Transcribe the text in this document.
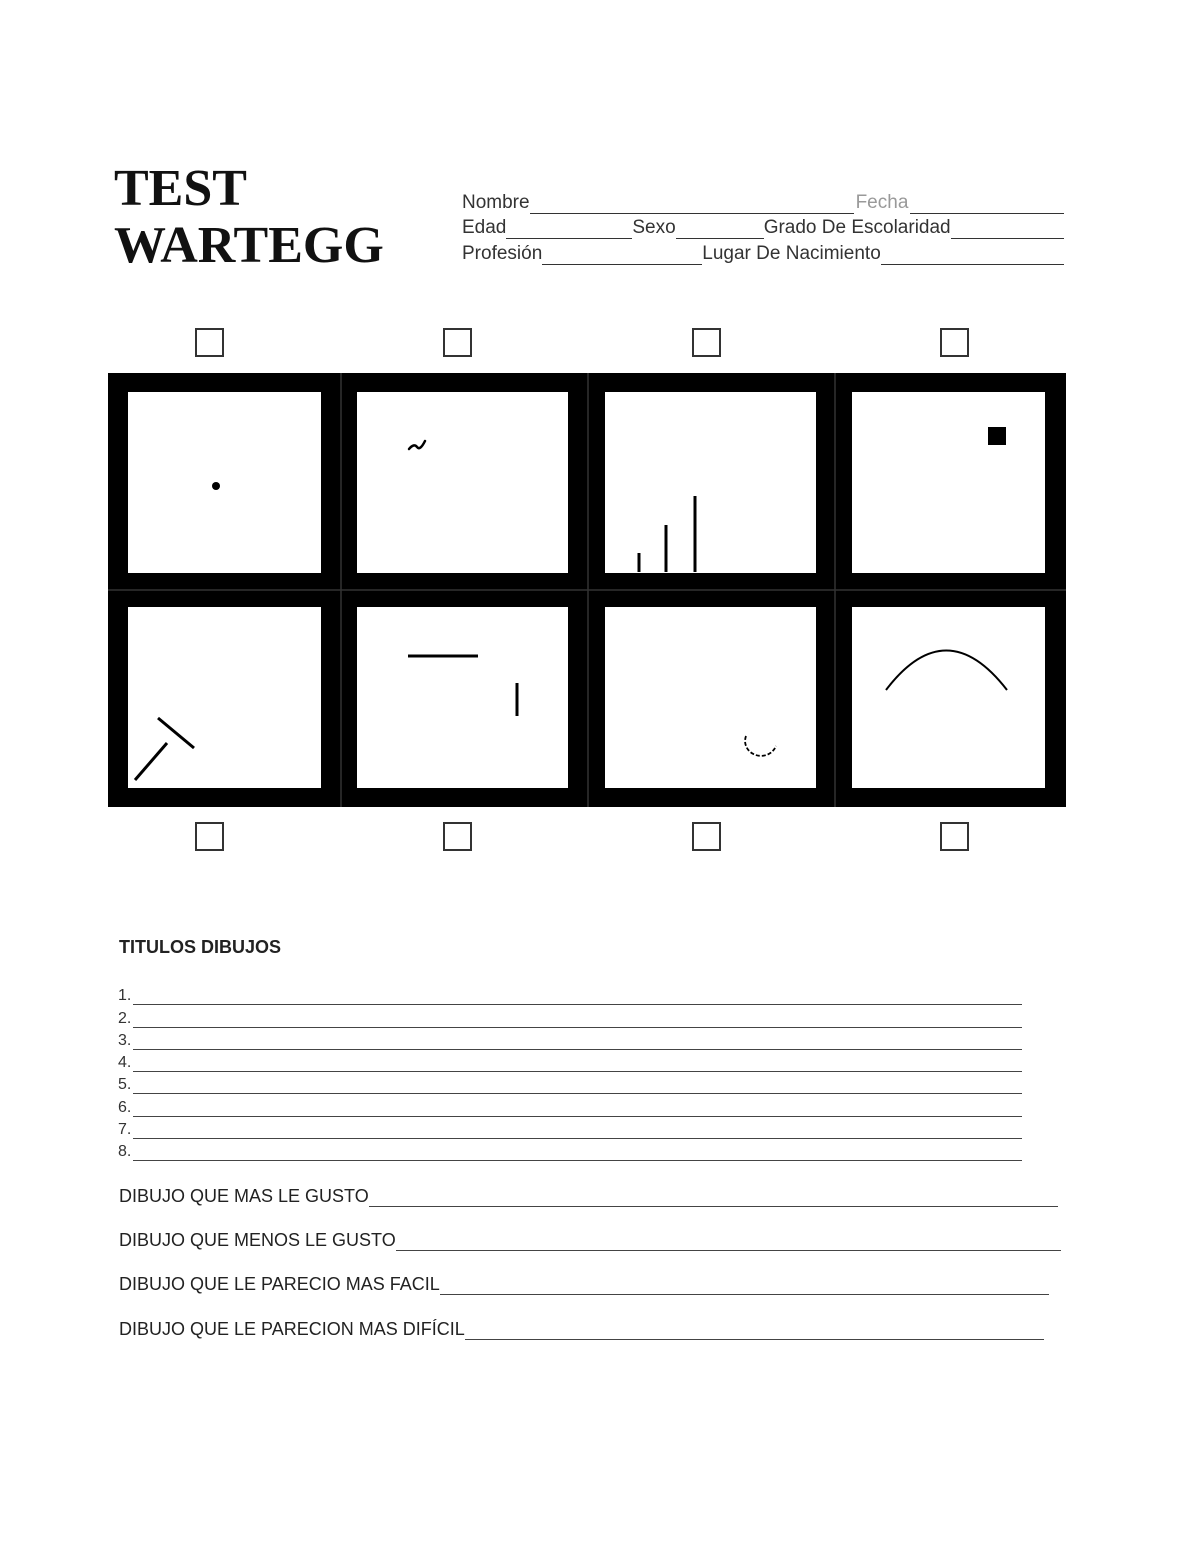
TEST
WARTEGG
Nombre	Fecha
Edad	Sexo	Grado De Escolaridad
Profesión	Lugar De Nacimiento
TITULOS DIBUJOS
1.
2.
3.
4.
5.
6.
7.
8.
DIBUJO QUE MAS LE GUSTO
DIBUJO QUE MENOS LE GUSTO
DIBUJO QUE LE PARECIO MAS FACIL
DIBUJO QUE LE PARECION MAS DIFÍCIL
